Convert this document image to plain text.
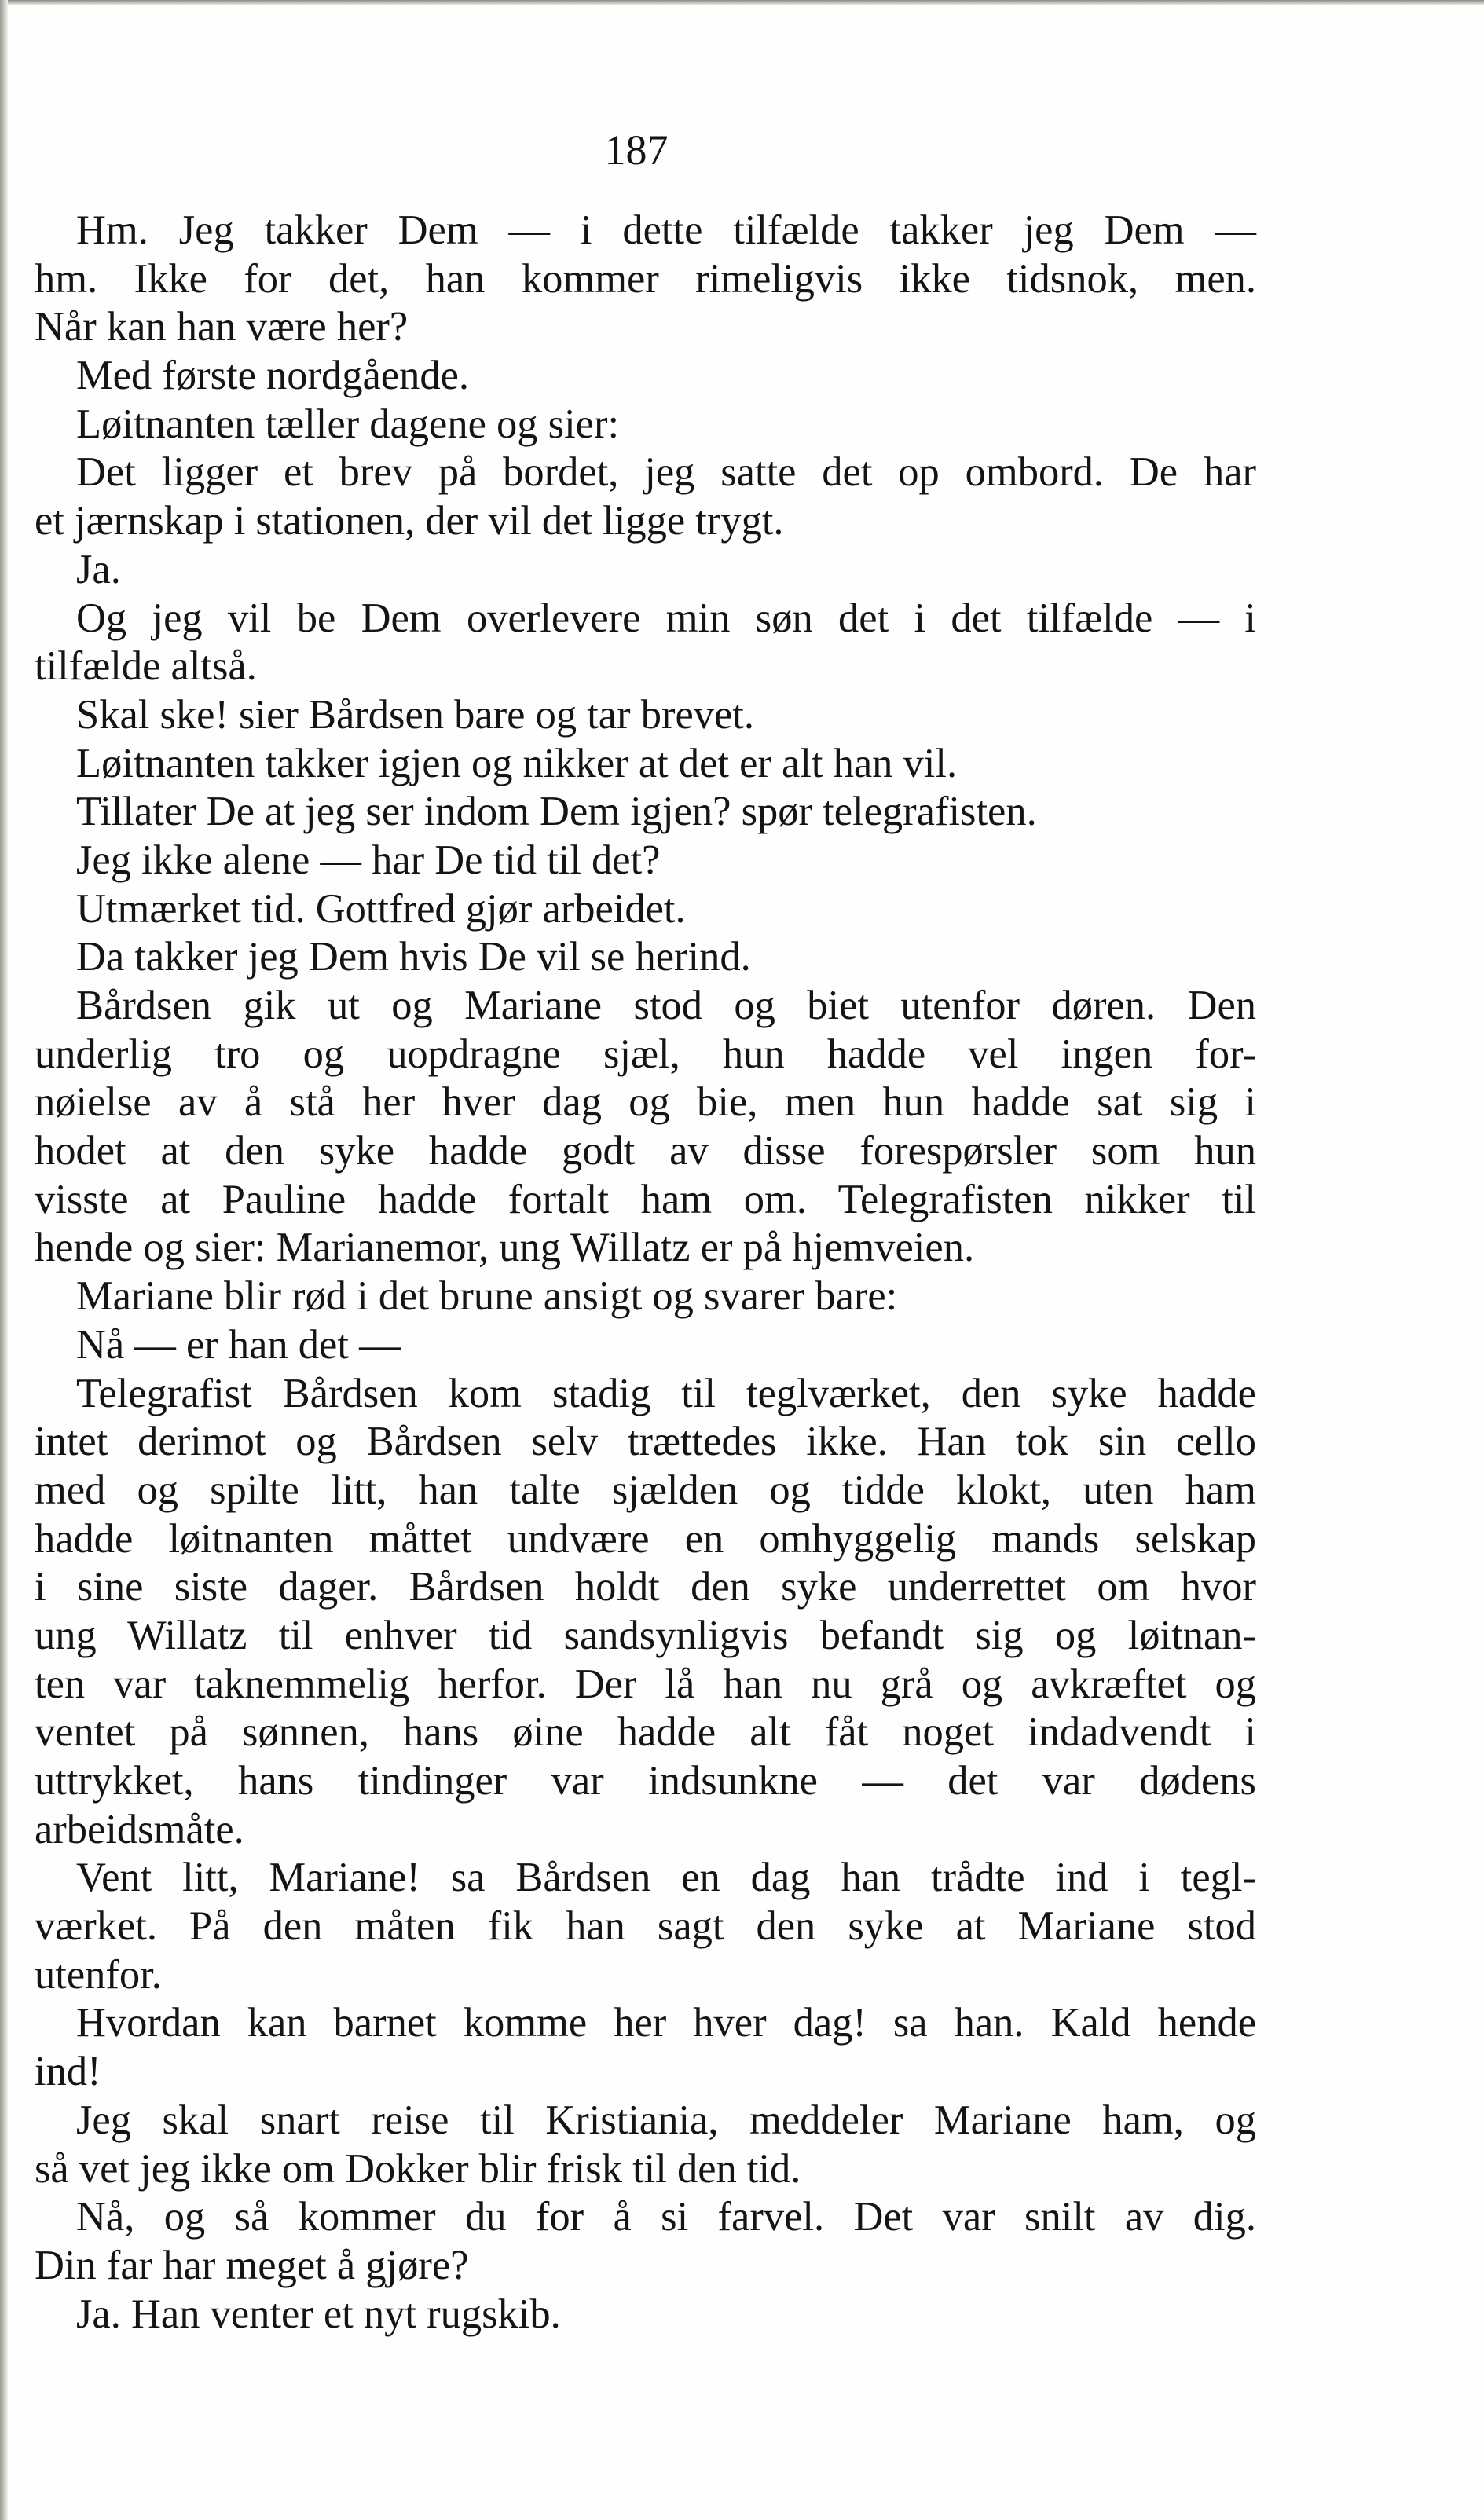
187
Hm. Jeg takker Dem — i dette tilfælde takker jeg Dem —
hm. Ikke for det, han kommer rimeligvis ikke tidsnok, men.
Når kan han være her?
Med første nordgående.
Løitnanten tæller dagene og sier:
Det ligger et brev på bordet, jeg satte det op ombord. De har
et jærnskap i stationen, der vil det ligge trygt.
Ja.
Og jeg vil be Dem overlevere min søn det i det tilfælde — i
tilfælde altså.
Skal ske! sier Bårdsen bare og tar brevet.
Løitnanten takker igjen og nikker at det er alt han vil.
Tillater De at jeg ser indom Dem igjen? spør telegrafisten.
Jeg ikke alene — har De tid til det?
Utmærket tid. Gottfred gjør arbeidet.
Da takker jeg Dem hvis De vil se herind.
Bårdsen gik ut og Mariane stod og biet utenfor døren. Den
underlig tro og uopdragne sjæl, hun hadde vel ingen for-
nøielse av å stå her hver dag og bie, men hun hadde sat sig i
hodet at den syke hadde godt av disse forespørsler som hun
visste at Pauline hadde fortalt ham om. Telegrafisten nikker til
hende og sier: Marianemor, ung Willatz er på hjemveien.
Mariane blir rød i det brune ansigt og svarer bare:
Nå — er han det —
Telegrafist Bårdsen kom stadig til teglværket, den syke hadde
intet derimot og Bårdsen selv trættedes ikke. Han tok sin cello
med og spilte litt, han talte sjælden og tidde klokt, uten ham
hadde løitnanten måttet undvære en omhyggelig mands selskap
i sine siste dager. Bårdsen holdt den syke underrettet om hvor
ung Willatz til enhver tid sandsynligvis befandt sig og løitnan-
ten var taknemmelig herfor. Der lå han nu grå og avkræftet og
ventet på sønnen, hans øine hadde alt fåt noget indadvendt i
uttrykket, hans tindinger var indsunkne — det var dødens
arbeidsmåte.
Vent litt, Mariane! sa Bårdsen en dag han trådte ind i tegl-
værket. På den måten fik han sagt den syke at Mariane stod
utenfor.
Hvordan kan barnet komme her hver dag! sa han. Kald hende
ind!
Jeg skal snart reise til Kristiania, meddeler Mariane ham, og
så vet jeg ikke om Dokker blir frisk til den tid.
Nå, og så kommer du for å si farvel. Det var snilt av dig.
Din far har meget å gjøre?
Ja. Han venter et nyt rugskib.
